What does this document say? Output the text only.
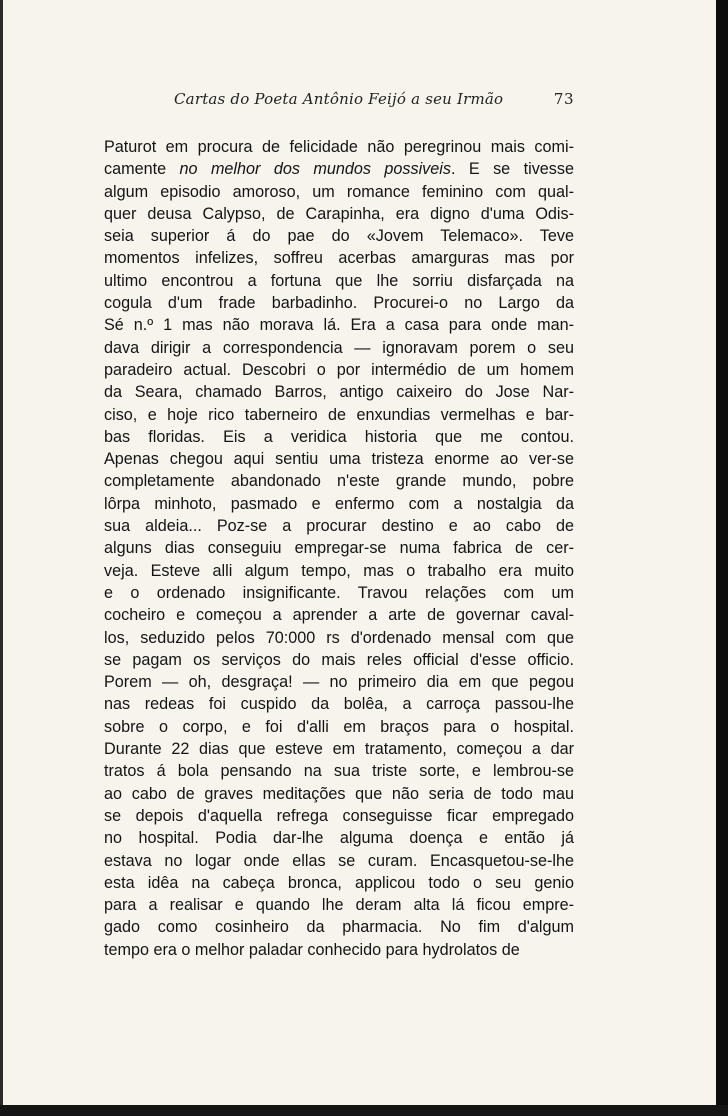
Cartas do Poeta Antônio Feijó a seu Irmão	73
Paturot em procura de felicidade não peregrinou mais comi-
camente no melhor dos mundos possiveis. E se tivesse
algum episodio amoroso, um romance feminino com qual-
quer deusa Calypso, de Carapinha, era digno d'uma Odis-
seia superior á do pae do «Jovem Telemaco». Teve
momentos infelizes, soffreu acerbas amarguras mas por
ultimo encontrou a fortuna que lhe sorriu disfarçada na
cogula d'um frade barbadinho. Procurei-o no Largo da
Sé n.º 1 mas não morava lá. Era a casa para onde man-
dava dirigir a correspondencia — ignoravam porem o seu
paradeiro actual. Descobri o por intermédio de um homem
da Seara, chamado Barros, antigo caixeiro do Jose Nar-
ciso, e hoje rico taberneiro de enxundias vermelhas e bar-
bas floridas. Eis a veridica historia que me contou.
Apenas chegou aqui sentiu uma tristeza enorme ao ver-se
completamente abandonado n'este grande mundo, pobre
lôrpa minhoto, pasmado e enfermo com a nostalgia da
sua aldeia... Poz-se a procurar destino e ao cabo de
alguns dias conseguiu empregar-se numa fabrica de cer-
veja. Esteve alli algum tempo, mas o trabalho era muito
e o ordenado insignificante. Travou relações com um
cocheiro e começou a aprender a arte de governar caval-
los, seduzido pelos 70:000 rs d'ordenado mensal com que
se pagam os serviços do mais reles official d'esse officio.
Porem — oh, desgraça! — no primeiro dia em que pegou
nas redeas foi cuspido da bolêa, a carroça passou-lhe
sobre o corpo, e foi d'alli em braços para o hospital.
Durante 22 dias que esteve em tratamento, começou a dar
tratos á bola pensando na sua triste sorte, e lembrou-se
ao cabo de graves meditações que não seria de todo mau
se depois d'aquella refrega conseguisse ficar empregado
no hospital. Podia dar-lhe alguma doença e então já
estava no logar onde ellas se curam. Encasquetou-se-lhe
esta idêa na cabeça bronca, applicou todo o seu genio
para a realisar e quando lhe deram alta lá ficou empre-
gado como cosinheiro da pharmacia. No fim d'algum
tempo era o melhor paladar conhecido para hydrolatos de
